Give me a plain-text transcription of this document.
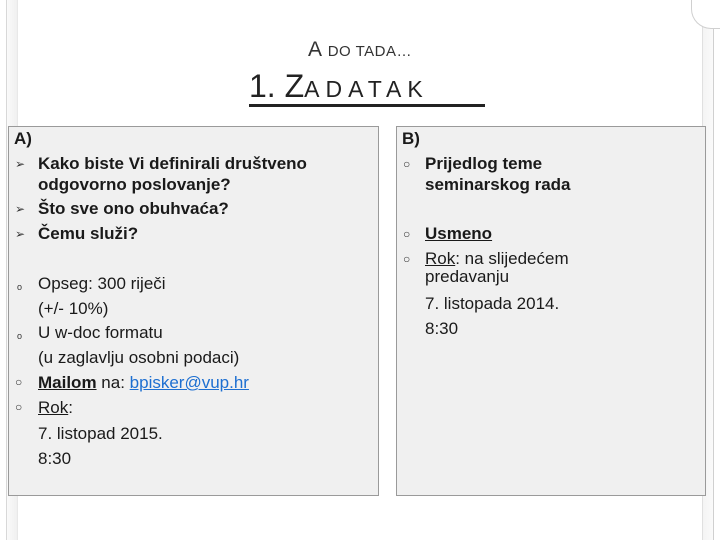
A DO TADA…
1. ZADATAK
A)
➢ Kako biste Vi definirali društveno
odgovorno poslovanje?
➢ Što sve ono obuhvaća?
➢ Čemu služi?
o Opseg: 300 riječi
(+/- 10%)
o U w-doc formatu
(u zaglavlju osobni podaci)
○ Mailom na: bpisker@vup.hr
○ Rok:
7. listopad 2015.
8:30
B)
○ Prijedlog teme
seminarskog rada
○ Usmeno
○ Rok: na slijedećem
predavanju
7. listopada 2014.
8:30
